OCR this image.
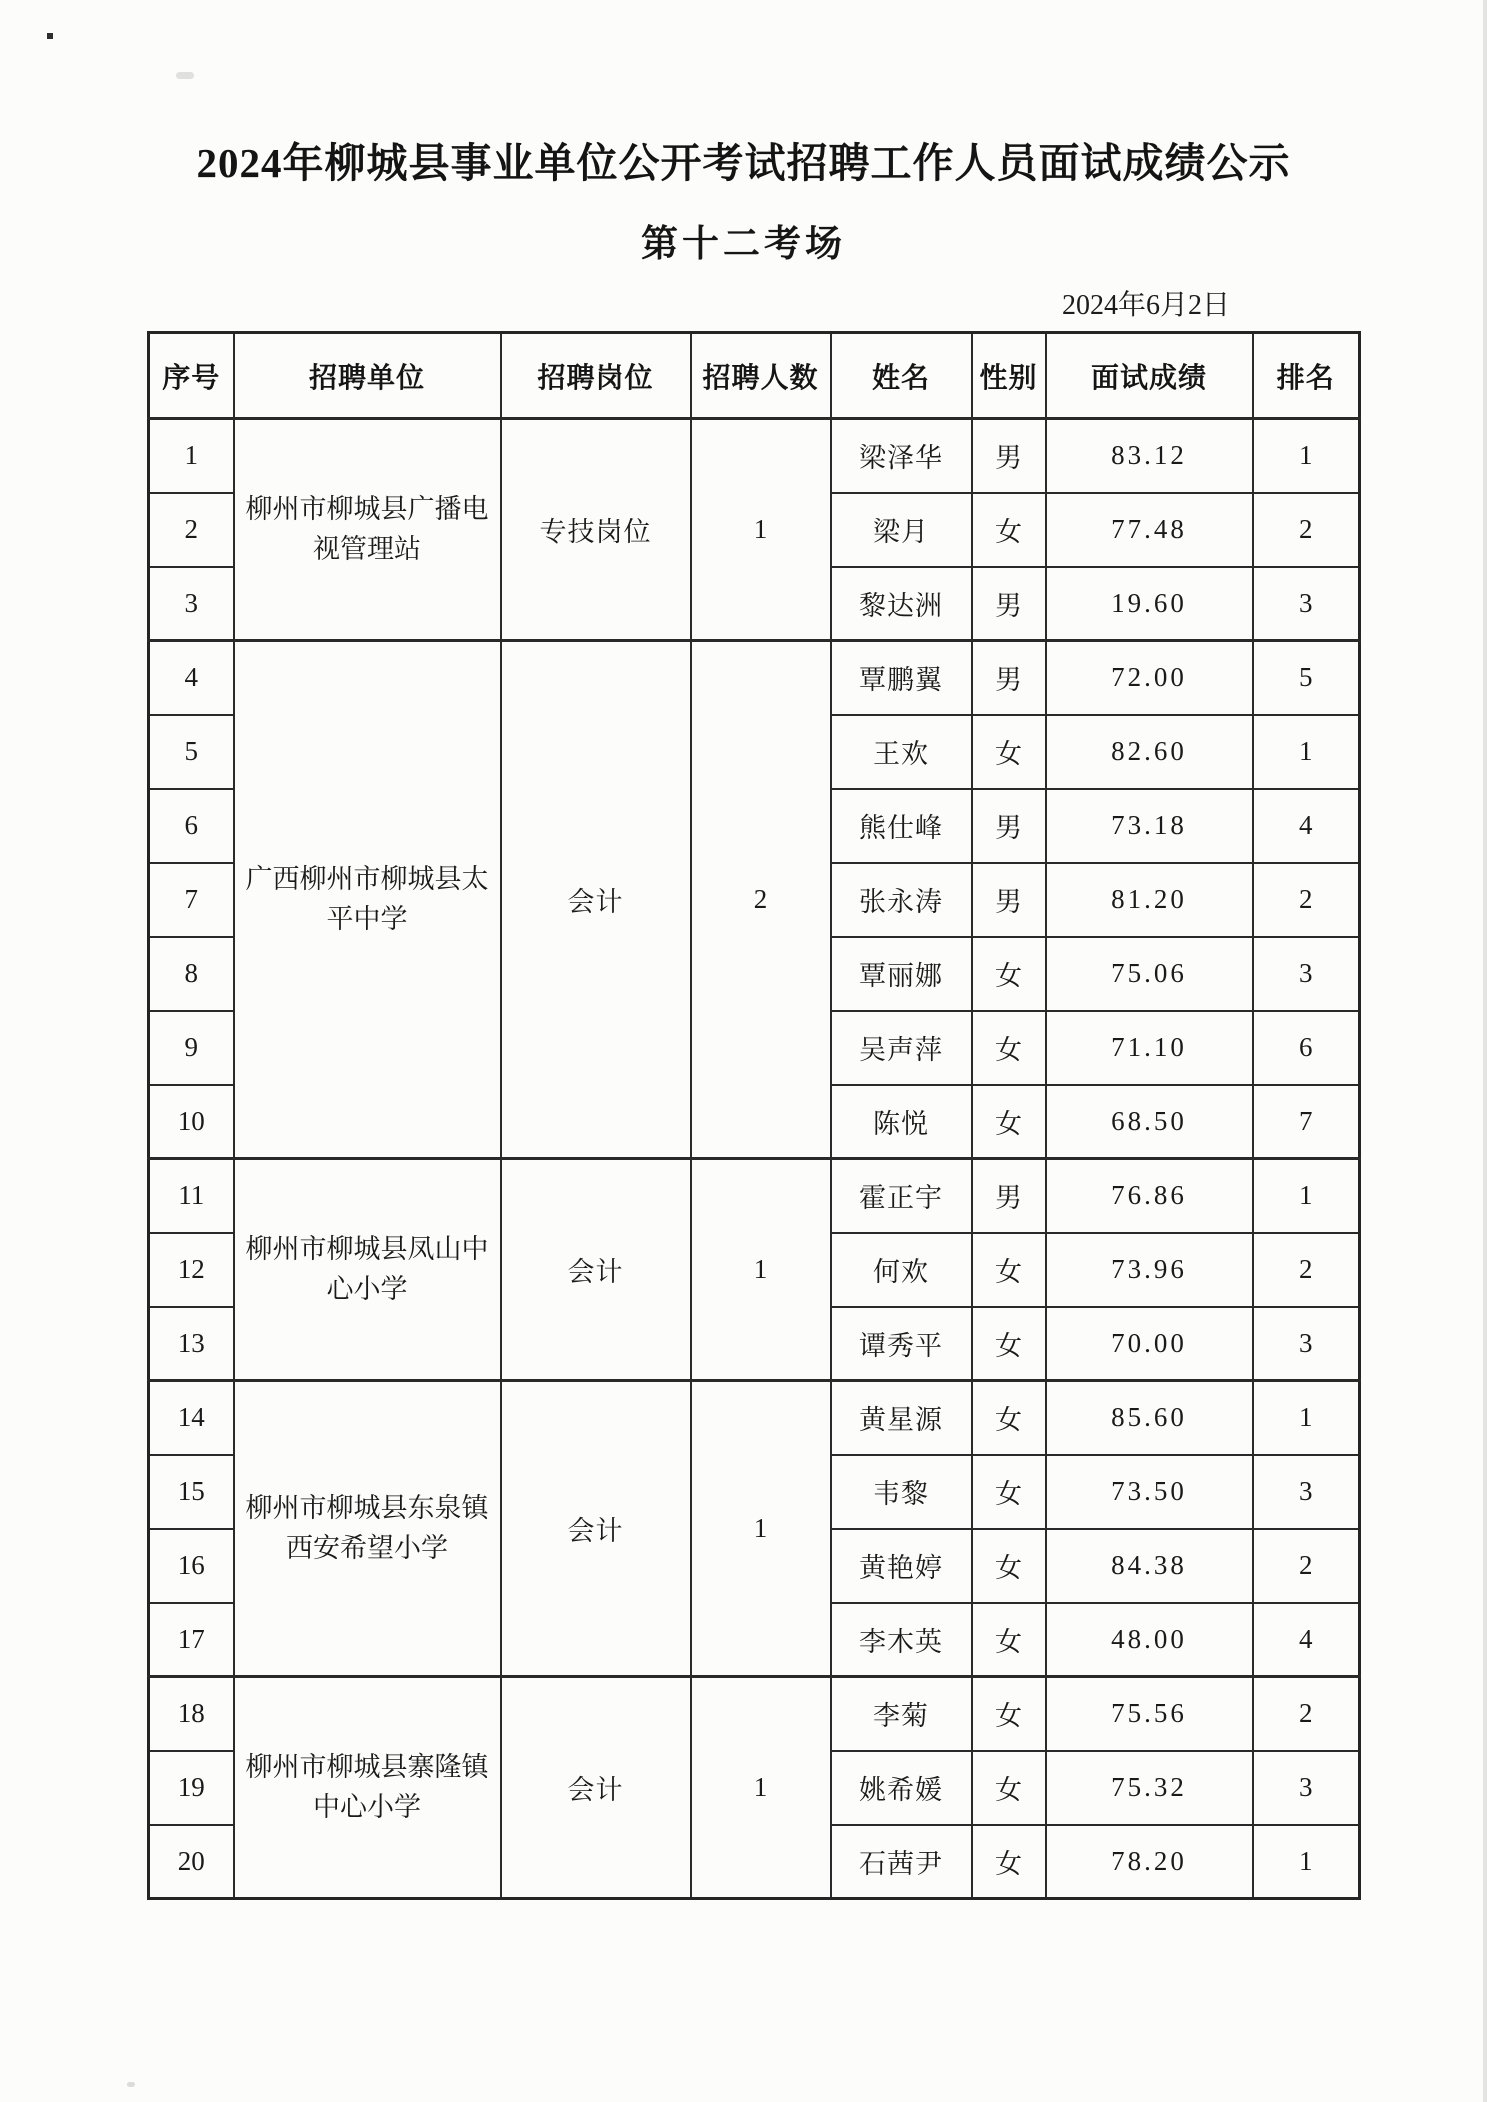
2024年柳城县事业单位公开考试招聘工作人员面试成绩公示
第十二考场
2024年6月2日
序号	招聘单位	招聘岗位	招聘人数	姓名	性别	面试成绩	排名
1	柳州市柳城县广播电视管理站	专技岗位	1	梁泽华	男	83.12	1
2				梁月	女	77.48	2
3				黎达洲	男	19.60	3
4	广西柳州市柳城县太平中学	会计	2	覃鹏翼	男	72.00	5
5				王欢	女	82.60	1
6				熊仕峰	男	73.18	4
7				张永涛	男	81.20	2
8				覃丽娜	女	75.06	3
9				吴声萍	女	71.10	6
10				陈悦	女	68.50	7
11	柳州市柳城县凤山中心小学	会计	1	霍正宇	男	76.86	1
12				何欢	女	73.96	2
13				谭秀平	女	70.00	3
14	柳州市柳城县东泉镇西安希望小学	会计	1	黄星源	女	85.60	1
15				韦黎	女	73.50	3
16				黄艳婷	女	84.38	2
17				李木英	女	48.00	4
18	柳州市柳城县寨隆镇中心小学	会计	1	李菊	女	75.56	2
19				姚希媛	女	75.32	3
20				石茜尹	女	78.20	1
